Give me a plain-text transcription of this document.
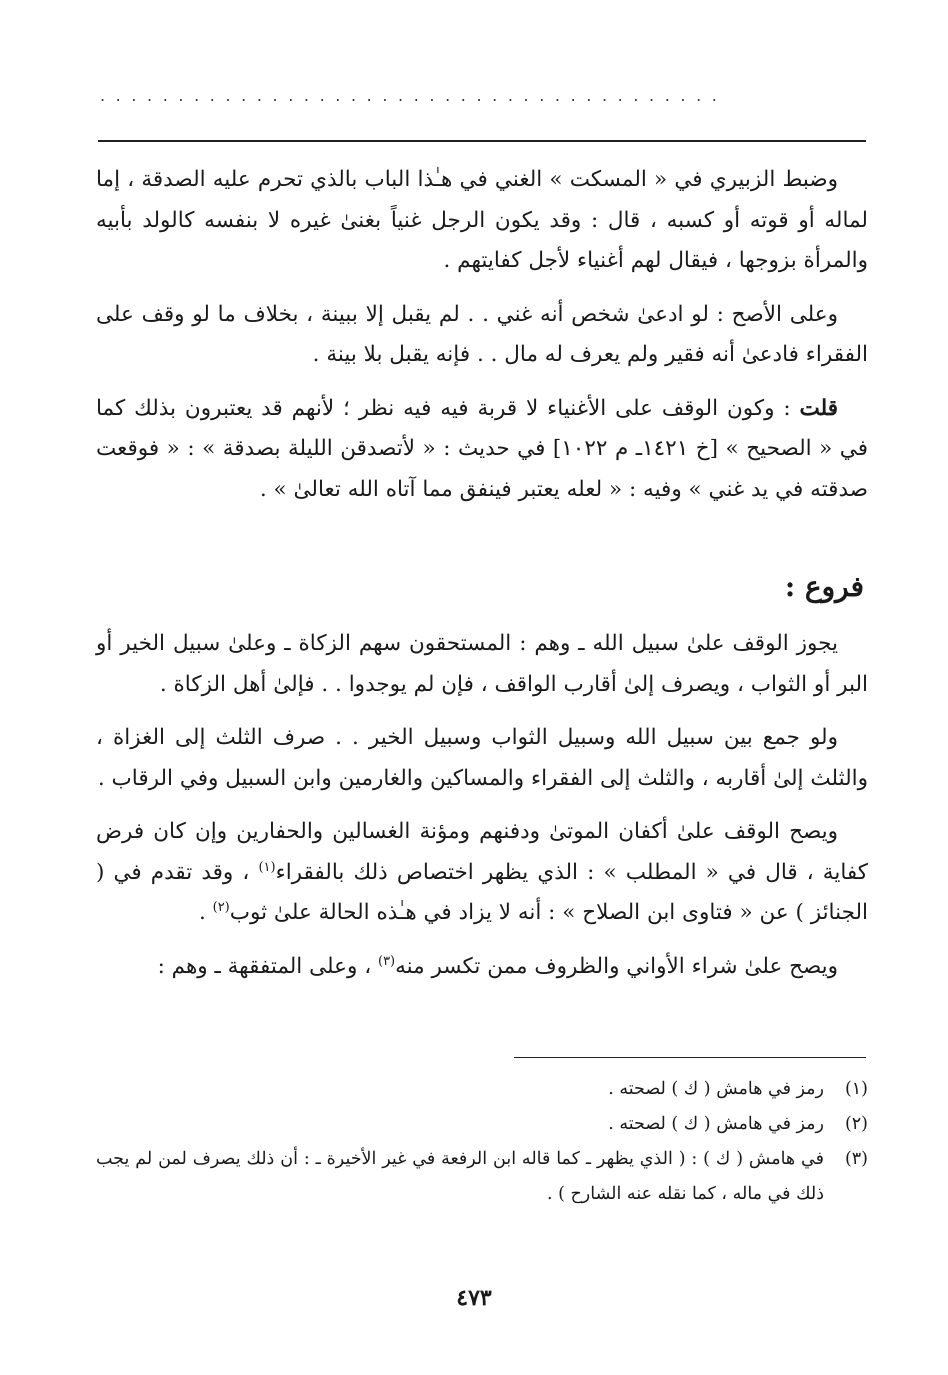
........................................

وضبط الزبيري في « المسكت » الغني في هـٰذا الباب بالذي تحرم عليه الصدقة ، إما لماله أو قوته أو كسبه ، قال : وقد يكون الرجل غنياً بغنىٰ غيره لا بنفسه كالولد بأبيه والمرأة بزوجها ، فيقال لهم أغنياء لأجل كفايتهم .

وعلى الأصح : لو ادعىٰ شخص أنه غني . . لم يقبل إلا ببينة ، بخلاف ما لو وقف على الفقراء فادعىٰ أنه فقير ولم يعرف له مال . . فإنه يقبل بلا بينة .

قلت : وكون الوقف على الأغنياء لا قربة فيه فيه نظر ؛ لأنهم قد يعتبرون بذلك كما في « الصحيح » [خ ١٤٢١ـ م ١٠٢٢] في حديث : « لأتصدقن الليلة بصدقة » : « فوقعت صدقته في يد غني » وفيه : « لعله يعتبر فينفق مما آتاه الله تعالىٰ » .

فروع :

يجوز الوقف علىٰ سبيل الله ـ وهم : المستحقون سهم الزكاة ـ وعلىٰ سبيل الخير أو البر أو الثواب ، ويصرف إلىٰ أقارب الواقف ، فإن لم يوجدوا . . فإلىٰ أهل الزكاة .

ولو جمع بين سبيل الله وسبيل الثواب وسبيل الخير . . صرف الثلث إلى الغزاة ، والثلث إلىٰ أقاربه ، والثلث إلى الفقراء والمساكين والغارمين وابن السبيل وفي الرقاب .

ويصح الوقف علىٰ أكفان الموتىٰ ودفنهم ومؤنة الغسالين والحفارين وإن كان فرض كفاية ، قال في « المطلب » : الذي يظهر اختصاص ذلك بالفقراء$^{(١)}$ ، وقد تقدم في ( الجنائز ) عن « فتاوى ابن الصلاح » : أنه لا يزاد في هـٰذه الحالة علىٰ ثوب$^{(٢)}$ .

ويصح علىٰ شراء الأواني والظروف ممن تكسر منه$^{(٣)}$ ، وعلى المتفقهة ـ وهم :

(١)
رمز في هامش ( ك ) لصحته .
(٢)
رمز في هامش ( ك ) لصحته .
(٣)
في هامش ( ك ) : ( الذي يظهر ـ كما قاله ابن الرفعة في غير الأخيرة ـ : أن ذلك يصرف لمن لم يجب ذلك في ماله ، كما نقله عنه الشارح ) .
٤٧٣
